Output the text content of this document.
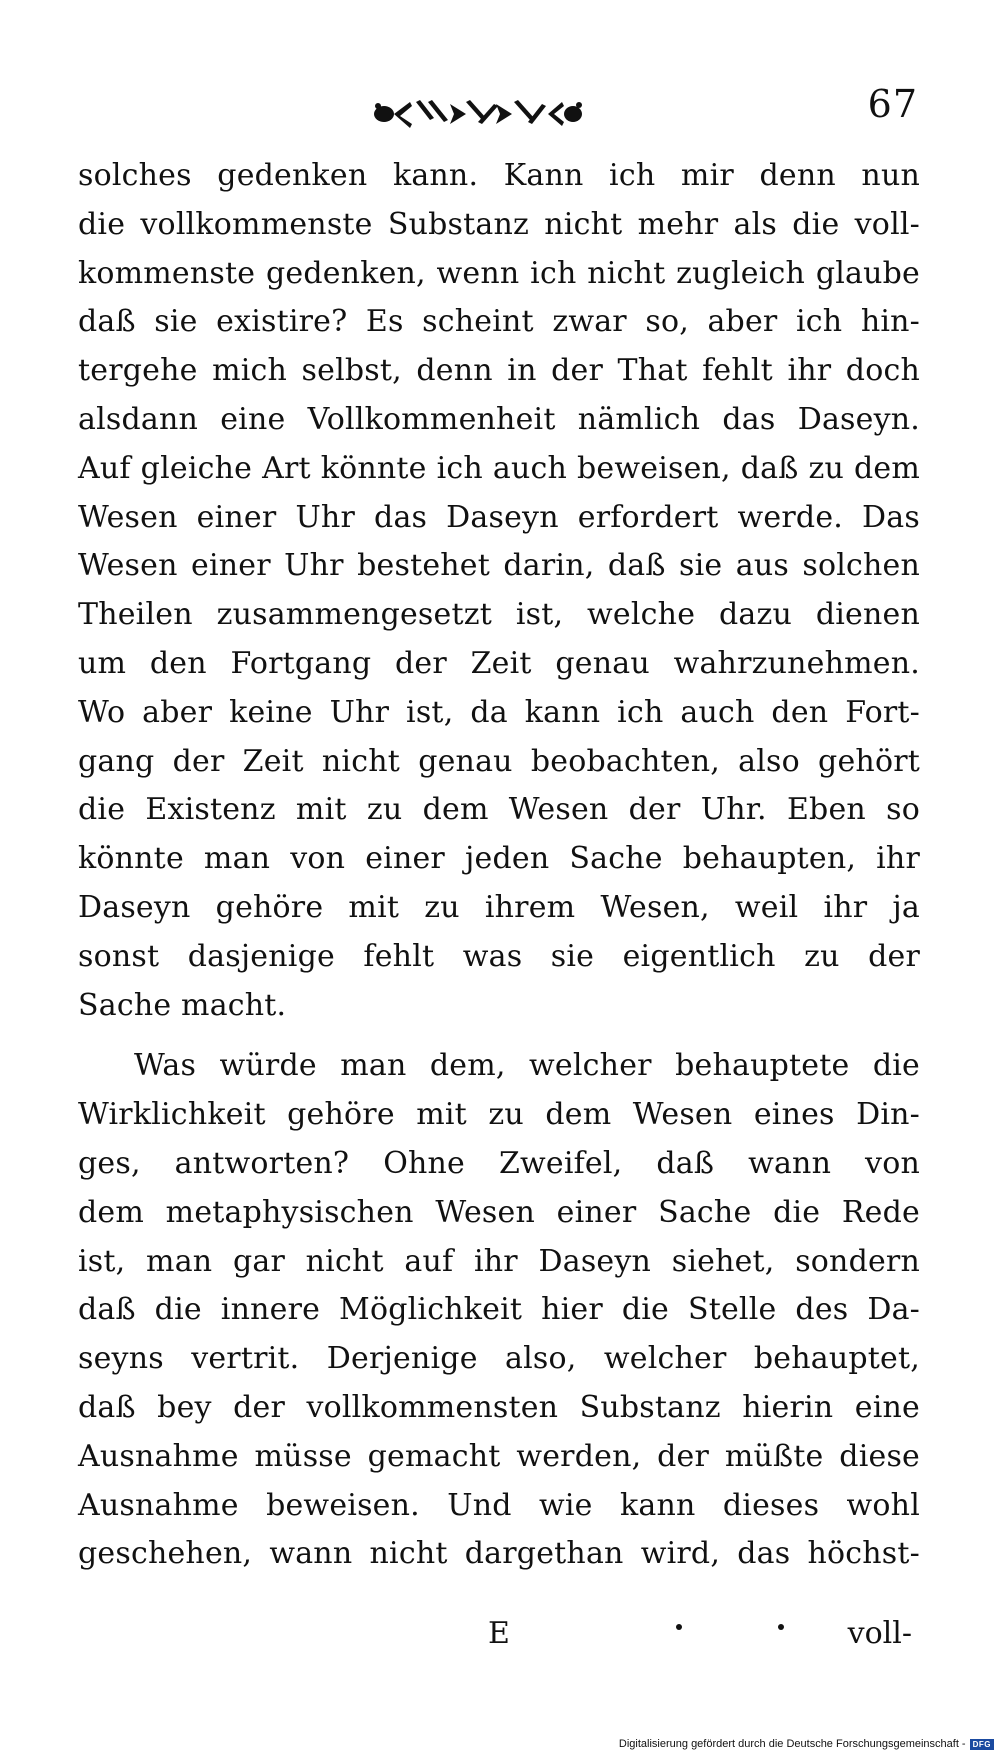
67
solches gedenken kann. Kann ich mir denn nun
die vollkommenste Substanz nicht mehr als die voll-
kommenste gedenken, wenn ich nicht zugleich glaube
daß sie existire? Es scheint zwar so, aber ich hin-
tergehe mich selbst, denn in der That fehlt ihr doch
alsdann eine Vollkommenheit nämlich das Daseyn.
Auf gleiche Art könnte ich auch beweisen, daß zu dem
Wesen einer Uhr das Daseyn erfordert werde. Das
Wesen einer Uhr bestehet darin, daß sie aus solchen
Theilen zusammengesetzt ist, welche dazu dienen
um den Fortgang der Zeit genau wahrzunehmen.
Wo aber keine Uhr ist, da kann ich auch den Fort-
gang der Zeit nicht genau beobachten, also gehört
die Existenz mit zu dem Wesen der Uhr. Eben so
könnte man von einer jeden Sache behaupten, ihr
Daseyn gehöre mit zu ihrem Wesen, weil ihr ja
sonst dasjenige fehlt was sie eigentlich zu der
Sache macht.
Was würde man dem, welcher behauptete die
Wirklichkeit gehöre mit zu dem Wesen eines Din-
ges, antworten? Ohne Zweifel, daß wann von
dem metaphysischen Wesen einer Sache die Rede
ist, man gar nicht auf ihr Daseyn siehet, sondern
daß die innere Möglichkeit hier die Stelle des Da-
seyns vertrit. Derjenige also, welcher behauptet,
daß bey der vollkommensten Substanz hierin eine
Ausnahme müsse gemacht werden, der müßte diese
Ausnahme beweisen. Und wie kann dieses wohl
geschehen, wann nicht dargethan wird, das höchst-
E	voll-
Digitalisierung gefördert durch die Deutsche Forschungsgemeinschaft - DFG
